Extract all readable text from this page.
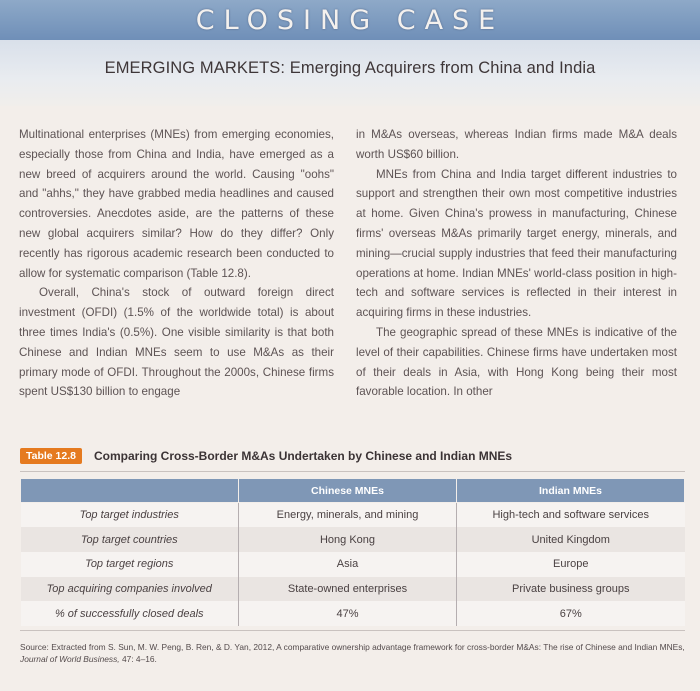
CLOSING CASE
EMERGING MARKETS: Emerging Acquirers from China and India

Multinational enterprises (MNEs) from emerging economies, especially those from China and India, have emerged as a new breed of acquirers around the world. Causing "oohs" and "ahhs," they have grabbed media headlines and caused controversies. Anecdotes aside, are the patterns of these new global acquirers similar? How do they differ? Only recently has rigorous academic research been conducted to allow for systematic comparison (Table 12.8).

Overall, China's stock of outward foreign direct investment (OFDI) (1.5% of the worldwide total) is about three times India's (0.5%). One visible similarity is that both Chinese and Indian MNEs seem to use M&As as their primary mode of OFDI. Throughout the 2000s, Chinese firms spent US$130 billion to engage

in M&As overseas, whereas Indian firms made M&A deals worth US$60 billion.

MNEs from China and India target different industries to support and strengthen their own most competitive industries at home. Given China's prowess in manufacturing, Chinese firms' overseas M&As primarily target energy, minerals, and mining—crucial supply industries that feed their manufacturing operations at home. Indian MNEs' world-class position in high-tech and software services is reflected in their interest in acquiring firms in these industries.

The geographic spread of these MNEs is indicative of the level of their capabilities. Chinese firms have undertaken most of their deals in Asia, with Hong Kong being their most favorable location. In other

Table 12.8	Comparing Cross-Border M&As Undertaken by Chinese and Indian MNEs
	Chinese MNEs	Indian MNEs
Top target industries	Energy, minerals, and mining	High-tech and software services
Top target countries	Hong Kong	United Kingdom
Top target regions	Asia	Europe
Top acquiring companies involved	State-owned enterprises	Private business groups
% of successfully closed deals	47%	67%
Source: Extracted from S. Sun, M. W. Peng, B. Ren, & D. Yan, 2012, A comparative ownership advantage framework for cross-border M&As: The rise of Chinese and Indian MNEs, Journal of World Business, 47: 4–16.
